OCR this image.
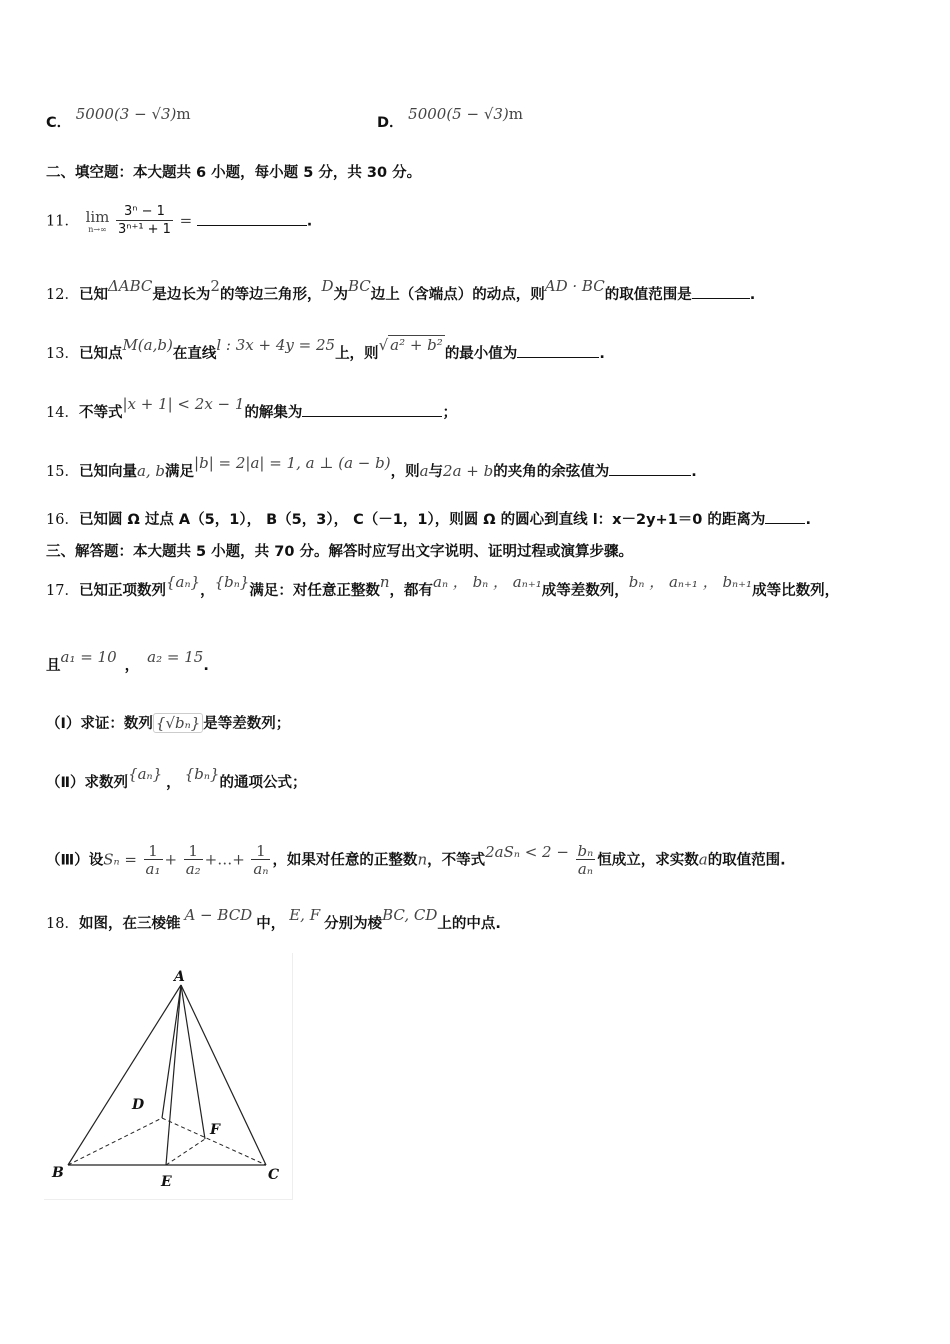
C． 5000(3 − √3)m	D． 5000(5 − √3)m
二、填空题：本大题共 6 小题，每小题 5 分，共 30 分。
11． lim
n→∞
$\frac{\text{3ⁿ − 1}}{\text{3ⁿ⁺¹ + 1}}$ =	.
12．已知ΔABC是边长为2的等边三角形，D为BC边上（含端点）的动点，则AD · BC的取值范围是	.
13．已知点M(a,b)在直线l : 3x + 4y = 25上，则√ a² + b² 的最小值为	.
14．不等式|x + 1| < 2x − 1的解集为	；
15．已知向量a, b满足|b| = 2|a| = 1, a ⊥ (a − b)，则a与2a + b的夹角的余弦值为	.
16．已知圆 Ω 过点 A（5，1）， B（5，3）， C（－1，1），则圆 Ω 的圆心到直线 l：x－2y+1＝0 的距离为	.
三、解答题：本大题共 5 小题，共 70 分。解答时应写出文字说明、证明过程或演算步骤。
17．已知正项数列{aₙ}，{bₙ}满足：对任意正整数n，都有aₙ ， bₙ ， aₙ₊₁成等差数列，bₙ ， aₙ₊₁ ， bₙ₊₁成等比数列，
且a₁ = 10 ， a₂ = 15.
（Ⅰ）求证：数列 {√bₙ} 是等差数列；
（Ⅱ）求数列{aₙ} ， {bₙ}的通项公式；
（Ⅲ）设$S_n = \frac{1}{\text{a₁}} + \frac{1}{\text{a₂}}$ +…+ $\frac{1}{\text{aₙ}}$ ，如果对任意的正整数n，不等式$2aS_n < 2 - \frac{\text{bₙ}}{\text{aₙ}}$ 恒成立，求实数a的取值范围.
18．如图，在三棱锥 A − BCD 中， E, F 分别为棱BC, CD上的中点.
A
B	C
D
E
F
